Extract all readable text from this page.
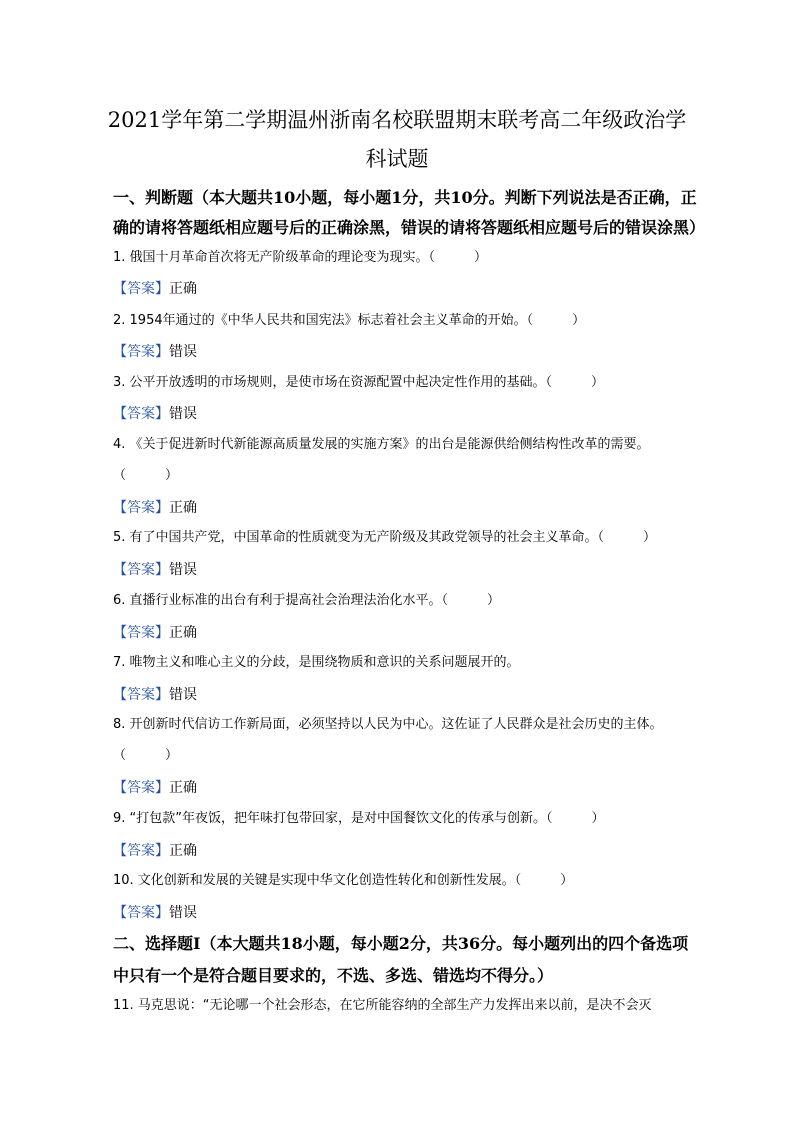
2021学年第二学期温州浙南名校联盟期末联考高二年级政治学
科试题
一、判断题（本大题共10小题，每小题1分，共10分。判断下列说法是否正确，正
确的请将答题纸相应题号后的正确涂黑，错误的请将答题纸相应题号后的错误涂黑）
1. 俄国十月革命首次将无产阶级革命的理论变为现实。（　　　）
【答案】正确
2. 1954年通过的《中华人民共和国宪法》标志着社会主义革命的开始。（　　　）
【答案】错误
3. 公平开放透明的市场规则，是使市场在资源配置中起决定性作用的基础。（　　　）
【答案】错误
4. 《关于促进新时代新能源高质量发展的实施方案》的出台是能源供给侧结构性改革的需要。
（　　　）
【答案】正确
5. 有了中国共产党，中国革命的性质就变为无产阶级及其政党领导的社会主义革命。（　　　）
【答案】错误
6. 直播行业标准的出台有利于提高社会治理法治化水平。（　　　）
【答案】正确
7. 唯物主义和唯心主义的分歧，是围绕物质和意识的关系问题展开的。
【答案】错误
8. 开创新时代信访工作新局面，必须坚持以人民为中心。这佐证了人民群众是社会历史的主体。
（　　　）
【答案】正确
9. “打包款”年夜饭，把年味打包带回家，是对中国餐饮文化的传承与创新。（　　　）
【答案】正确
10. 文化创新和发展的关键是实现中华文化创造性转化和创新性发展。（　　　）
【答案】错误
二、选择题Ⅰ（本大题共18小题，每小题2分，共36分。每小题列出的四个备选项
中只有一个是符合题目要求的，不选、多选、错选均不得分。）
11. 马克思说：“无论哪一个社会形态，在它所能容纳的全部生产力发挥出来以前，是决不会灭
